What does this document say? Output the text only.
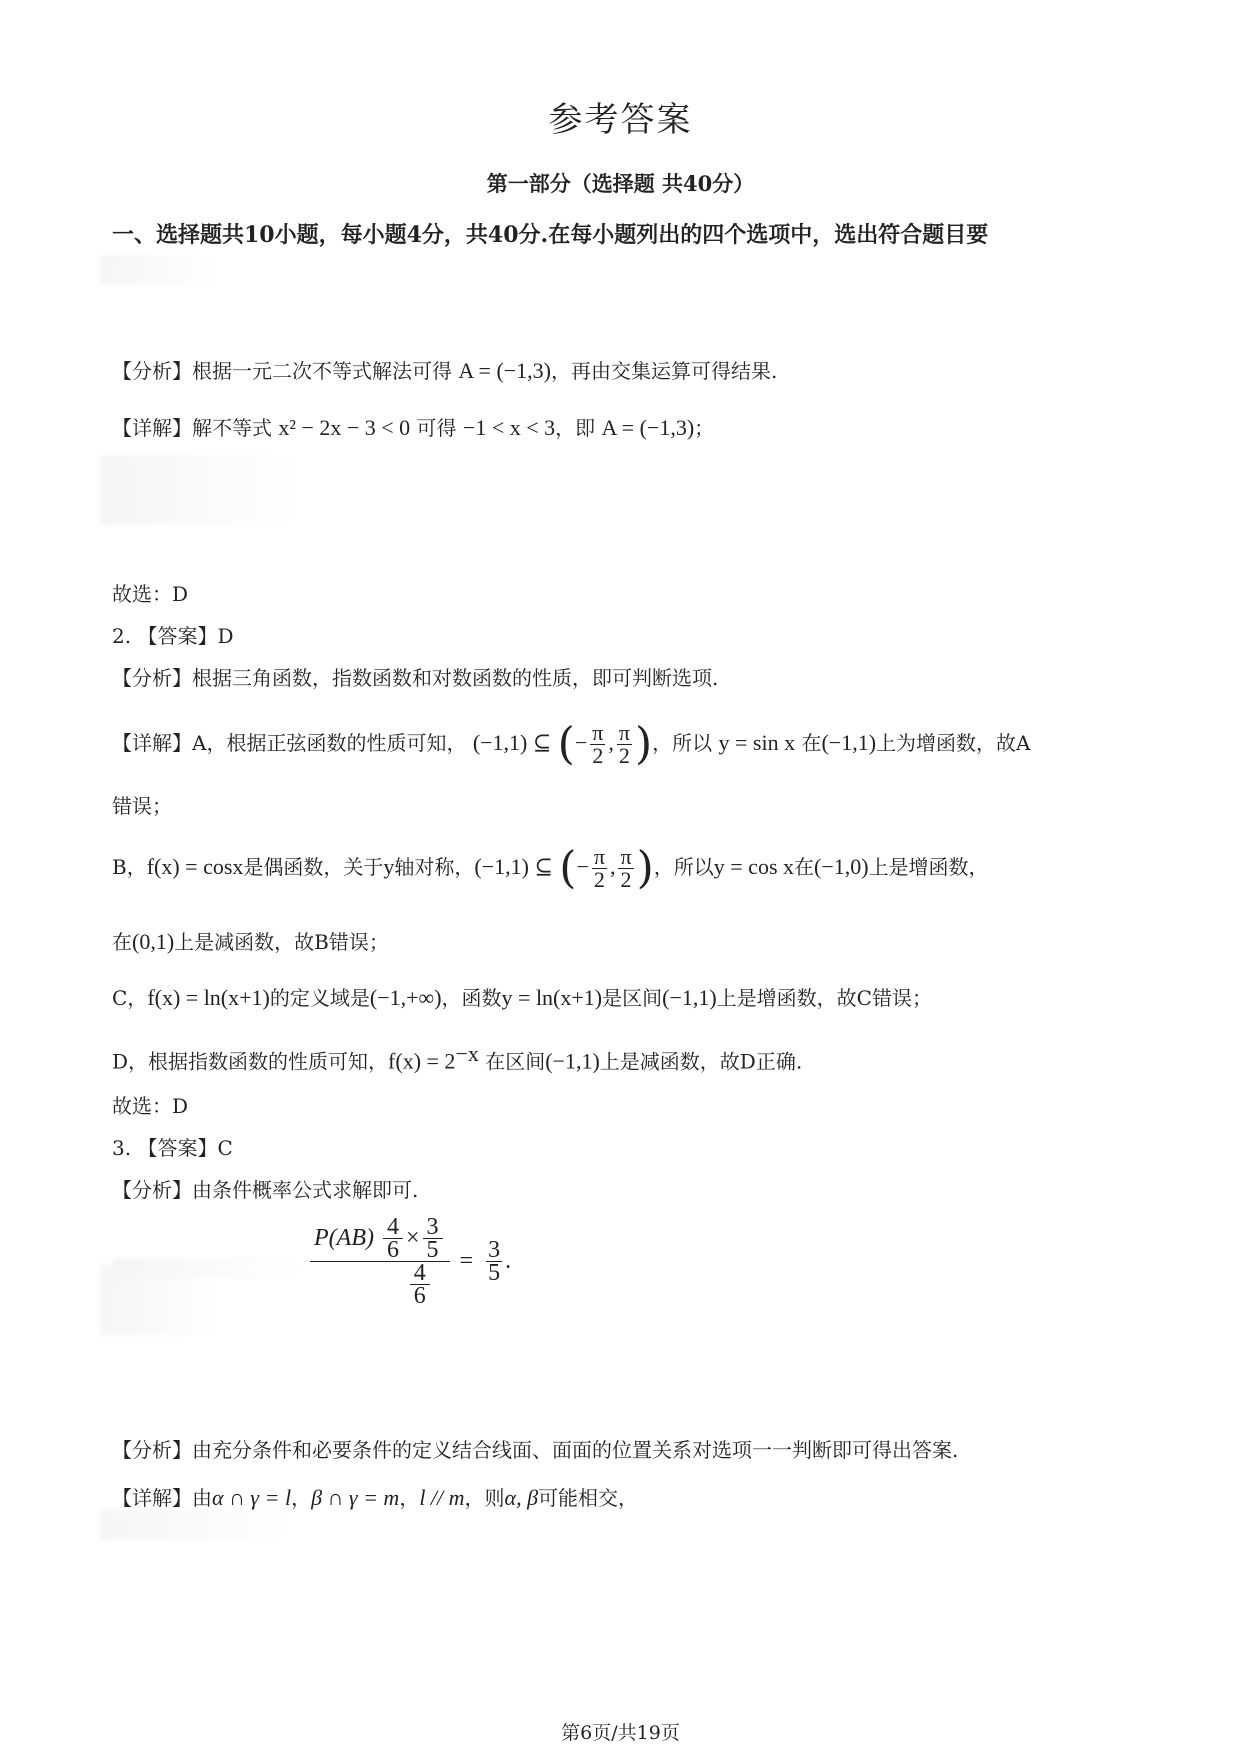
参考答案
第一部分（选择题 共40分）
一、选择题共10小题，每小题4分，共40分.在每小题列出的四个选项中，选出符合题目要
【分析】根据一元二次不等式解法可得 A = (−1,3)，再由交集运算可得结果.
【详解】解不等式 x² − 2x − 3 < 0 可得 −1 < x < 3，即 A = (−1,3)；
故选：D
2. 【答案】D
【分析】根据三角函数，指数函数和对数函数的性质，即可判断选项.
【详解】A，根据正弦函数的性质可知， (−1,1) ⊆ (− $\frac{\pi}{2}$ , $\frac{\pi}{2}$ )，所以 y = sin x 在(−1,1)上为增函数，故A
错误；
B，f(x) = cosx是偶函数，关于y轴对称，(−1,1) ⊆ (− $\frac{\pi}{2}$ , $\frac{\pi}{2}$ )，所以y = cos x在(−1,0)上是增函数，
在(0,1)上是减函数，故B错误；
C，f(x) = ln(x+1)的定义域是(−1,+∞)，函数y = ln(x+1)是区间(−1,1)上是增函数，故C错误；
D，根据指数函数的性质可知，$f(x) = 2^{-x}$ 在区间(−1,1)上是减函数，故D正确.
故选：D
3. 【答案】C
【分析】由条件概率公式求解即可.
$\frac{P(AB) \frac{4}{6} \times \frac{3}{5}}{\frac{4}{6}} = \frac{3}{5}$ .
【分析】由充分条件和必要条件的定义结合线面、面面的位置关系对选项一一判断即可得出答案.
【详解】由α ∩ γ = l，β ∩ γ = m，l // m，则α, β可能相交，
第6页/共19页
